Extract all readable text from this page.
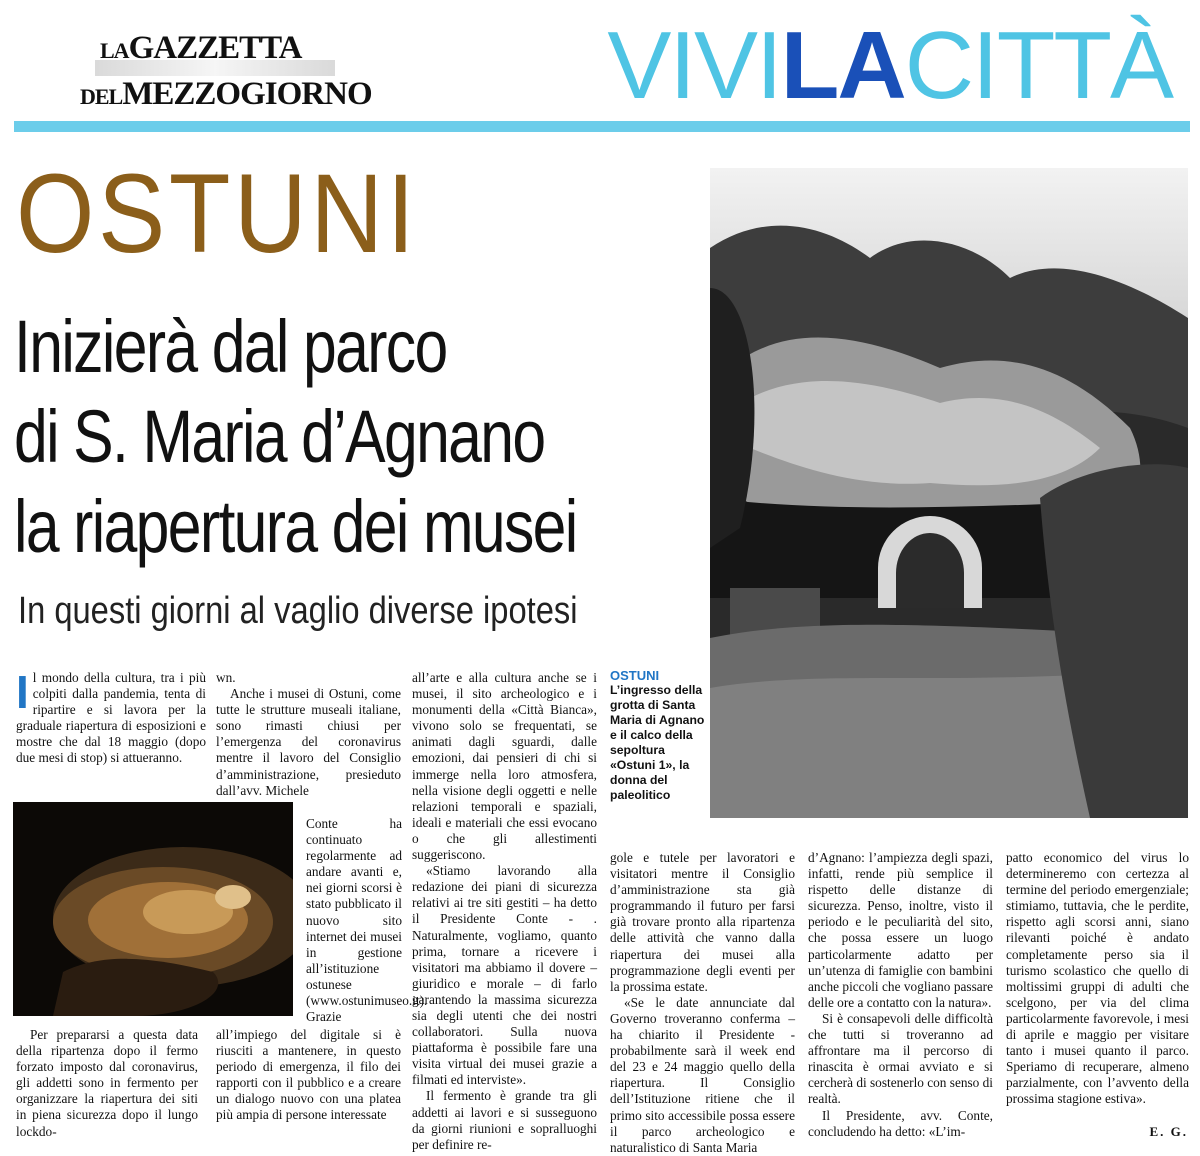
LAGAZZETTA
DELMEZZOGIORNO VIVILACITTÀ
OSTUNI
Inizierà dal parco
di S. Maria d’Agnano
la riapertura dei musei
In questi giorni al vaglio diverse ipotesi
OSTUNI
L’ingresso della grotta di Santa Maria di Agnano e il calco della sepoltura «Ostuni 1», la donna del paleolitico

Il mondo della cultura, tra i più colpiti dalla pandemia, tenta di ripartire e si lavora per la graduale riapertura di esposizioni e mostre che dal 18 maggio (dopo due mesi di stop) si attueranno.

Per prepararsi a questa data della ripartenza dopo il fermo forzato imposto dal coronavirus, gli addetti sono in fermento per organizzare la riapertura dei siti in piena sicurezza dopo il lungo lockdo-

wn.

Anche i musei di Ostuni, come tutte le strutture museali italiane, sono rimasti chiusi per l’emergenza del coronavirus mentre il lavoro del Consiglio d’amministrazione, presieduto dall’avv. Michele

Conte ha continuato regolarmente ad andare avanti e, nei giorni scorsi è stato pubblicato il nuovo sito internet dei musei in gestione all’istituzione ostunese (www.ostunimuseo.it). Grazie

all’impiego del digitale si è riusciti a mantenere, in questo periodo di emergenza, il filo dei rapporti con il pubblico e a creare un dialogo nuovo con una platea più ampia di persone interessate

all’arte e alla cultura anche se i musei, il sito archeologico e i monumenti della «Città Bianca», vivono solo se frequentati, se animati dagli sguardi, dalle emozioni, dai pensieri di chi si immerge nella loro atmosfera, nella visione degli oggetti e nelle relazioni temporali e spaziali, ideali e materiali che essi evocano o che gli allestimenti suggeriscono.

«Stiamo lavorando alla redazione dei piani di sicurezza relativi ai tre siti gestiti – ha detto il Presidente Conte - . Naturalmente, vogliamo, quanto prima, tornare a ricevere i visitatori ma abbiamo il dovere – giuridico e morale – di farlo garantendo la massima sicurezza sia degli utenti che dei nostri collaboratori. Sulla nuova piattaforma è possibile fare una visita virtual dei musei grazie a filmati ed interviste».

Il fermento è grande tra gli addetti ai lavori e si susseguono da giorni riunioni e sopralluoghi per definire re-

gole e tutele per lavoratori e visitatori mentre il Consiglio d’amministrazione sta già programmando il futuro per farsi già trovare pronto alla ripartenza delle attività che vanno dalla riapertura dei musei alla programmazione degli eventi per la prossima estate.

«Se le date annunciate dal Governo troveranno conferma – ha chiarito il Presidente - probabilmente sarà il week end del 23 e 24 maggio quello della riapertura. Il Consiglio dell’Istituzione ritiene che il primo sito accessibile possa essere il parco archeologico e naturalistico di Santa Maria

d’Agnano: l’ampiezza degli spazi, infatti, rende più semplice il rispetto delle distanze di sicurezza. Penso, inoltre, visto il periodo e le peculiarità del sito, che possa essere un luogo particolarmente adatto per un’utenza di famiglie con bambini anche piccoli che vogliano passare delle ore a contatto con la natura».

Si è consapevoli delle difficoltà che tutti si troveranno ad affrontare ma il percorso di rinascita è ormai avviato e si cercherà di sostenerlo con senso di realtà.

Il Presidente, avv. Conte, concludendo ha detto: «L’im-

patto economico del virus lo determineremo con certezza al termine del periodo emergenziale; stimiamo, tuttavia, che le perdite, rispetto agli scorsi anni, siano rilevanti poiché è andato completamente perso sia il turismo scolastico che quello di moltissimi gruppi di adulti che scelgono, per via del clima particolarmente favorevole, i mesi di aprile e maggio per visitare tanto i musei quanto il parco. Speriamo di recuperare, almeno parzialmente, con l’avvento della prossima stagione estiva».

E. G.
